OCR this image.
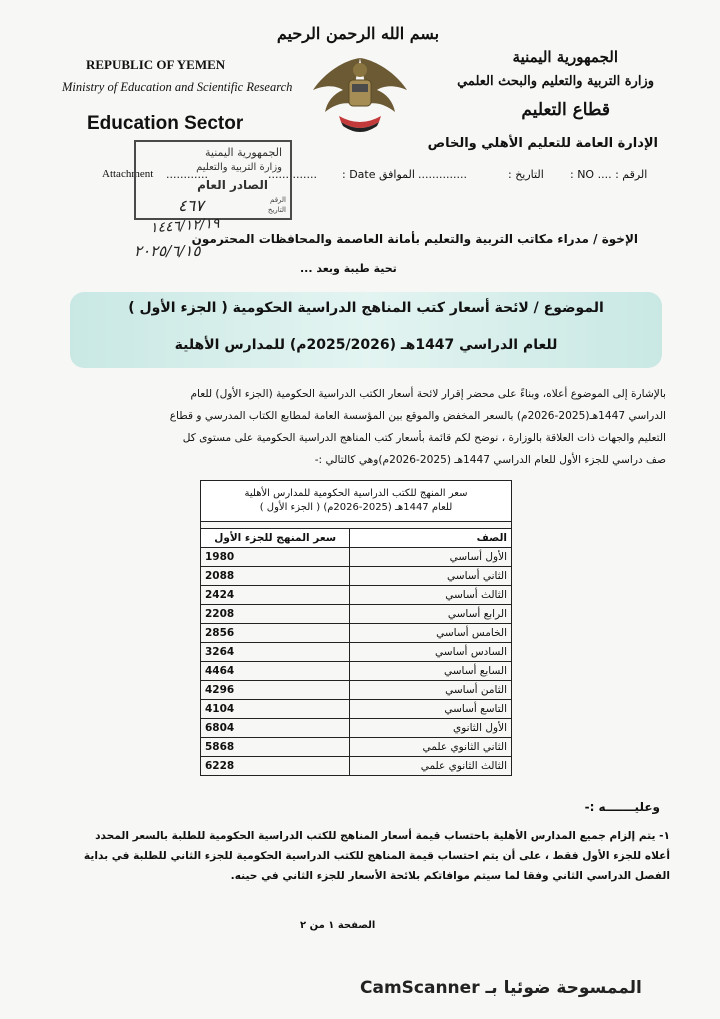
REPUBLIC OF YEMEN
Ministry of Education and Scientific Research
Education Sector
بسم الله الرحمن الرحيم
الجمهورية اليمنية
وزارة التربية والتعليم والبحث العلمي
قطاع التعليم
الإدارة العامة للتعليم الأهلي والخاص
Attachment ............	الموافق Date :
..............	..............	التاريخ : الرقم : .... NO :
الجمهورية اليمنية
وزارة التربية والتعليم
الصادر العام
الرقم
التاريخ
٤٦٧
١٤٤٦/١٢/١٩
٢٠٢٥/٦/١٥
الإخوة / مدراء مكاتب التربية والتعليم بأمانة العاصمة والمحافظات المحترمون
تحية طيبة وبعد ...
الموضوع / لائحة أسعار كتب المناهج الدراسية الحكومية ( الجزء الأول )
للعام الدراسي 1447هـ (2025/2026م) للمدارس الأهلية
بالإشارة إلى الموضوع أعلاه، وبناءً على محضر إقرار لائحة أسعار الكتب الدراسية الحكومية (الجزء الأول) للعام
الدراسي 1447هـ(2025-2026م) بالسعر المخفض والموقع بين المؤسسة العامة لمطابع الكتاب المدرسي و قطاع
التعليم والجهات ذات العلاقة بالوزارة ، نوضح لكم قائمة بأسعار كتب المناهج الدراسية الحكومية على مستوى كل
صف دراسي للجزء الأول للعام الدراسي 1447هـ (2025-2026م)وهي كالتالي :-
سعر المنهج للكتب الدراسية الحكومية للمدارس الأهلية
للعام 1447هـ (2025-2026م) ( الجزء الأول )	

الصف	سعر المنهج للجزء الأول
الأول أساسي	1980
الثاني أساسي	2088
الثالث أساسي	2424
الرابع أساسي	2208
الخامس أساسي	2856
السادس أساسي	3264
السابع أساسي	4464
الثامن أساسي	4296
التاسع أساسي	4104
الأول الثانوي	6804
الثاني الثانوي علمي	5868
الثالث الثانوي علمي	6228
وعليـــــــه :-
١- يتم إلزام جميع المدارس الأهلية باحتساب قيمة أسعار المناهج للكتب الدراسية الحكومية للطلبة بالسعر المحدد
أعلاه للجزء الأول فقط ، على أن يتم احتساب قيمة المناهج للكتب الدراسية الحكومية للجزء الثاني للطلبة في بداية
الفصل الدراسي الثاني وفقا لما سيتم موافاتكم بلائحة الأسعار للجزء الثاني في حينه.
الصفحة ١ من ٢
الممسوحة ضوئيا بـ CamScanner
